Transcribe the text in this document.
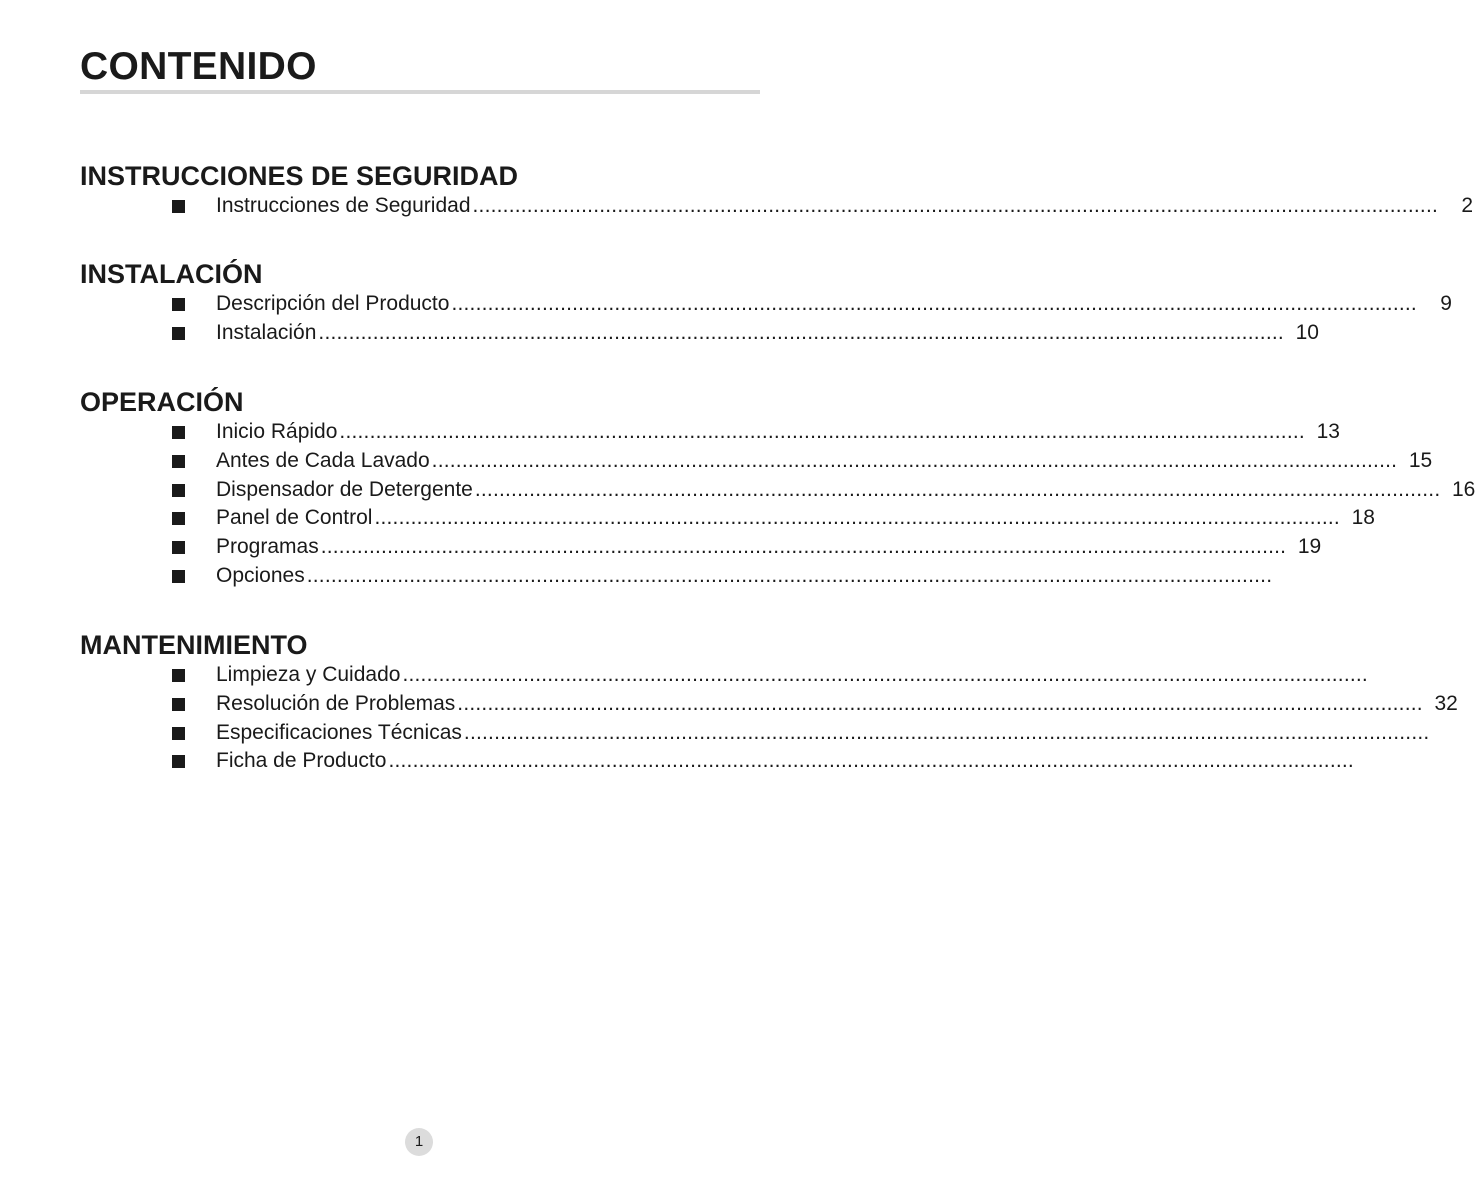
CONTENIDO
INSTRUCCIONES DE SEGURIDAD
Instrucciones de Seguridad ................................................................................................................................................................	2
INSTALACIÓN
Descripción del Producto ................................................................................................................................................................	9
Instalación ................................................................................................................................................................ 10
OPERACIÓN
Inicio Rápido ................................................................................................................................................................ 13
Antes de Cada Lavado ................................................................................................................................................................ 15
Dispensador de Detergente ................................................................................................................................................................ 16
Panel de Control ................................................................................................................................................................ 18
Programas ................................................................................................................................................................ 19
Opciones ................................................................................................................................................................
MANTENIMIENTO
Limpieza y Cuidado ................................................................................................................................................................
Resolución de Problemas ................................................................................................................................................................ 32
Especificaciones Técnicas ................................................................................................................................................................
Ficha de Producto ................................................................................................................................................................
1
